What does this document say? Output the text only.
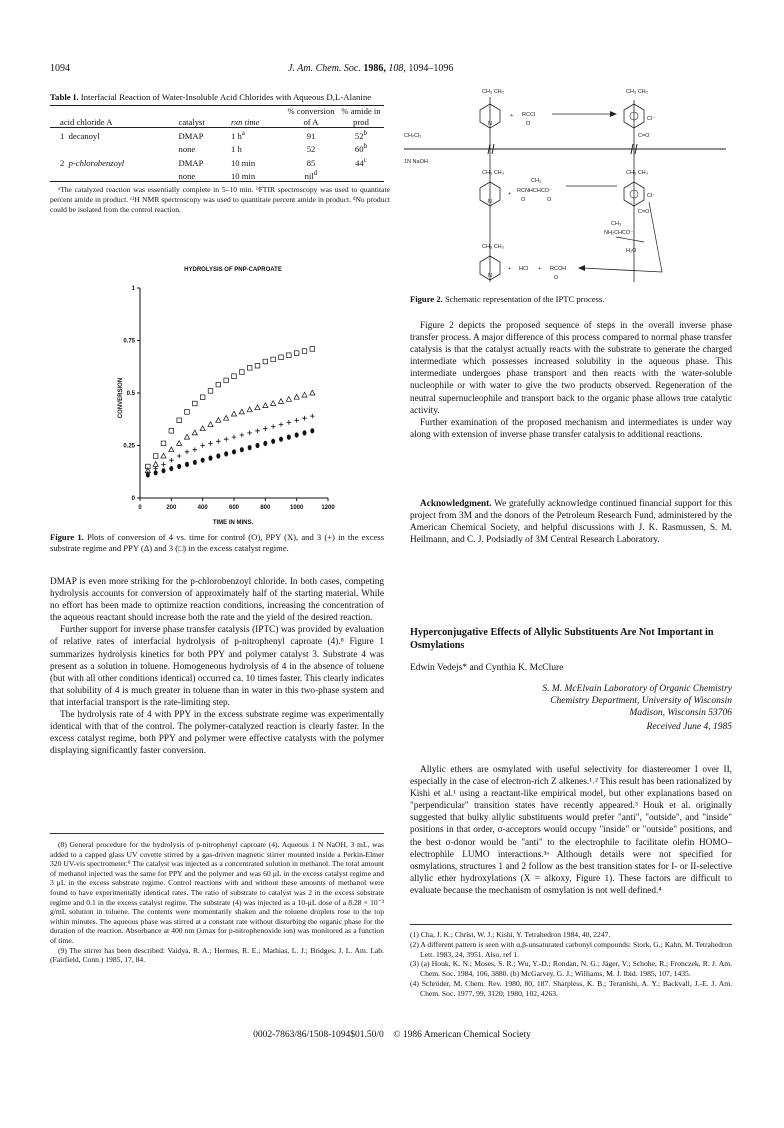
1094	J. Am. Chem. Soc. 1986, 108, 1094–1096

Table I. Interfacial Reaction of Water-Insoluble Acid Chlorides with Aqueous D,L-Alanine

acid chloride A	catalyst	rxn time	% conversion of A	% amide in prod
1 decanoyl	DMAP	1 $h^a$	91	52$^b$
	none	1 h	52	60$^b$
2 p-chlorobenzoyl	DMAP	10 min	85	44$^c$
	none	10 min	nil$^d$	

ᵃThe catalyzed reaction was essentially complete in 5–10 min. ᵇFTIR spectroscopy was used to quantitate percent amide in product. ᶜ¹H NMR spectroscopy was used to quantitate percent amide in product. ᵈNo product could be isolated from the control reaction.

HYDROLYSIS OF PNP-CAPROATE
0
0.25
0.5
0.75
1
0	200	400	600	800	1000	1200
CONVERSION
TIME IN MINS.
Figure 1. Plots of conversion of 4 vs. time for control (O), PPY (X), and 3 (+) in the excess substrate regime and PPY (Δ) and 3 (□) in the excess catalyst regime.

DMAP is even more striking for the p-chlorobenzoyl chloride. In both cases, competing hydrolysis accounts for conversion of approximately half of the starting material. While no effort has been made to optimize reaction conditions, increasing the concentration of the aqueous reactant should increase both the rate and the yield of the desired reaction.

Further support for inverse phase transfer catalysis (IPTC) was provided by evaluation of relative rates of interfacial hydrolysis of p-nitrophenyl caproate (4).⁸ Figure 1 summarizes hydrolysis kinetics for both PPY and polymer catalyst 3. Substrate 4 was present as a solution in toluene. Homogeneous hydrolysis of 4 in the absence of toluene (but with all other conditions identical) occurred ca. 10 times faster. This clearly indicates that solubility of 4 is much greater in toluene than in water in this two-phase system and that interfacial transport is the rate-limiting step.

The hydrolysis rate of 4 with PPY in the excess substrate regime was experimentally identical with that of the control. The polymer-catalyzed reaction is clearly faster. In the excess catalyst regime, both PPY and polymer were effective catalysts with the polymer displaying significantly faster conversion.

(8) General procedure for the hydrolysis of p-nitrophenyl caproate (4). Aqueous 1 N NaOH, 3 mL, was added to a capped glass UV cuvette stirred by a gas-driven magnetic stirrer mounted inside a Perkin-Elmer 320 UV-vis spectrometer.⁹ The catalyst was injected as a concentrated solution in methanol. The total amount of methanol injected was the same for PPY and the polymer and was 60 μL in the excess catalyst regime and 3 μL in the excess substrate regime. Control reactions with and without these amounts of methanol were found to have experimentally identical rates. The ratio of substrate to catalyst was 2 in the excess substrate regime and 0.1 in the excess catalyst regime. The substrate (4) was injected as a 10-μL dose of a 8.28 × 10⁻³ g/mL solution in toluene. The contents were momentarily shaken and the toluene droplets rose to the top within minutes. The aqueous phase was stirred at a constant rate without disturbing the organic phase for the duration of the reaction. Absorbance at 400 nm (λmax for p-nitrophenoxide ion) was monitored as a function of time.

(9) The stirrer has been described: Vaidya, R. A.; Hermes, R. E.; Mathias, L. J.; Bridges, J. L. Am. Lab. (Fairfield, Conn.) 1985, 17, 84.

CH₂Cl₂
1N NaOH
CH₃ CH₃
N
+ RCCl
O
CH₃ CH₃
Cl⁻
C=O
CH₃ CH₃
N
+
CH₃
RCNHCHCO⁻
O	O
CH₃ CH₃
Cl⁻
C=O
CH₃
NH₂CHCO⁻
CH₃ CH₃
N
+ HCl + RCOH
O
H₂O
Figure 2. Schematic representation of the IPTC process.

Figure 2 depicts the proposed sequence of steps in the overall inverse phase transfer process. A major difference of this process compared to normal phase transfer catalysis is that the catalyst actually reacts with the substrate to generate the charged intermediate which possesses increased solubility in the aqueous phase. This intermediate undergoes phase transport and then reacts with the water-soluble nucleophile or with water to give the two products observed. Regeneration of the neutral supernucleophile and transport back to the organic phase allows true catalytic activity.

Further examination of the proposed mechanism and intermediates is under way along with extension of inverse phase transfer catalysis to additional reactions.

Acknowledgment. We gratefully acknowledge continued financial support for this project from 3M and the donors of the Petroleum Research Fund, administered by the American Chemical Society, and helpful discussions with J. K. Rasmussen, S. M. Heilmann, and C. J. Podsiadly of 3M Central Research Laboratory.

Hyperconjugative Effects of Allylic Substituents Are Not Important in Osmylations
Edwin Vedejs* and Cynthia K. McClure
S. M. McElvain Laboratory of Organic Chemistry
Chemistry Department, University of Wisconsin
Madison, Wisconsin 53706
Received June 4, 1985

Allylic ethers are osmylated with useful selectivity for diastereomer I over II, especially in the case of electron-rich Z alkenes.¹˒² This result has been rationalized by Kishi et al.¹ using a reactant-like empirical model, but other explanations based on "perpendicular" transition states have recently appeared.³ Houk et al. originally suggested that bulky allylic substituents would prefer "anti", "outside", and "inside" positions in that order, σ-acceptors would occupy "inside" or "outside" positions, and the best σ-donor would be "anti" to the electrophile to facilitate olefin HOMO–electrophile LUMO interactions.³ᵃ Although details were not specified for osmylations, structures 1 and 2 follow as the best transition states for I- or II-selective allylic ether hydroxylations (X = alkoxy, Figure 1). These factors are difficult to evaluate because the mechanism of osmylation is not well defined.⁴

(1) Cha, J. K.; Christ, W. J.; Kishi, Y. Tetrahedron 1984, 40, 2247.

(2) A different pattern is seen with α,β-unsaturated carbonyl compounds: Stork, G.; Kahn, M. Tetrahedron Lett. 1983, 24, 3951. Also, ref 1.

(3) (a) Houk, K. N.; Moses, S. R.; Wu, Y.-D.; Rondan, N. G.; Jäger, V.; Schohe, R.; Fronczek, R. J. Am. Chem. Soc. 1984, 106, 3880. (b) McGarvey, G. J.; Williams, M. J. Ibid. 1985, 107, 1435.

(4) Schröder, M. Chem. Rev. 1980, 80, 187. Sharpless, K. B.; Teranishi, A. Y.; Backvall, J.-E. J. Am. Chem. Soc. 1977, 99, 3120; 1980, 102, 4263.

0002-7863/86/1508-1094$01.50/0 © 1986 American Chemical Society
